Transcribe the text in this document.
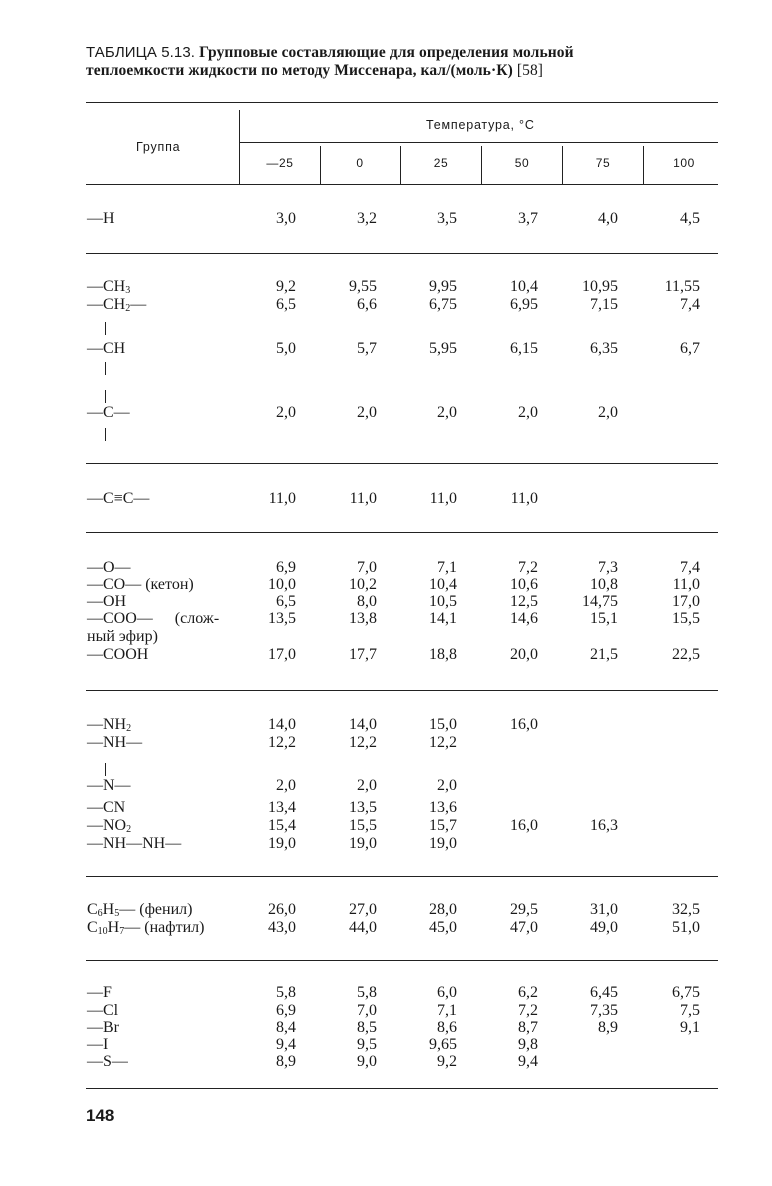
ТАБЛИЦА 5.13. Групповые составляющие для определения мольной теплоемкости жидкости по методу Миссенара, кал/(моль·К) [58]
Группа
Температура, °C
—25	0	25	50	75	100
—H	3,0	3,2	3,5	3,7	4,0	4,5
$—CH_3$	9,2	9,55	9,95	10,4	10,95	11,55
$—CH_2—$	6,5	6,6	6,75	6,95	7,15	7,4
—CH	5,0	5,7	5,95	6,15	6,35	6,7
—C—	2,0	2,0	2,0	2,0	2,0
—C≡C—	11,0	11,0	11,0	11,0
—O—	6,9	7,0	7,1	7,2	7,3	7,4
—CO— (кетон)	10,0	10,2	10,4	10,6	10,8	11,0
—OH	6,5	8,0	10,5	12,5	14,75	17,0
—COO— (слож-	13,5	13,8	14,1	14,6	15,1	15,5
ный эфир)
—COOH	17,0	17,7	18,8	20,0	21,5	22,5
$—NH_2$	14,0	14,0	15,0	16,0
—NH—	12,2	12,2	12,2
—N—	2,0	2,0	2,0
—CN	13,4	13,5	13,6
$—NO_2$	15,4	15,5	15,7	16,0	16,3
—NH—NH—	19,0	19,0	19,0
$C_6H_5—$ (фенил)	26,0	27,0	28,0	29,5	31,0	32,5
$C_{10}H_7—$ (нафтил)	43,0	44,0	45,0	47,0	49,0	51,0
—F	5,8	5,8	6,0	6,2	6,45	6,75
—Cl	6,9	7,0	7,1	7,2	7,35	7,5
—Br	8,4	8,5	8,6	8,7	8,9	9,1
—I	9,4	9,5	9,65	9,8
—S—	8,9	9,0	9,2	9,4
148
